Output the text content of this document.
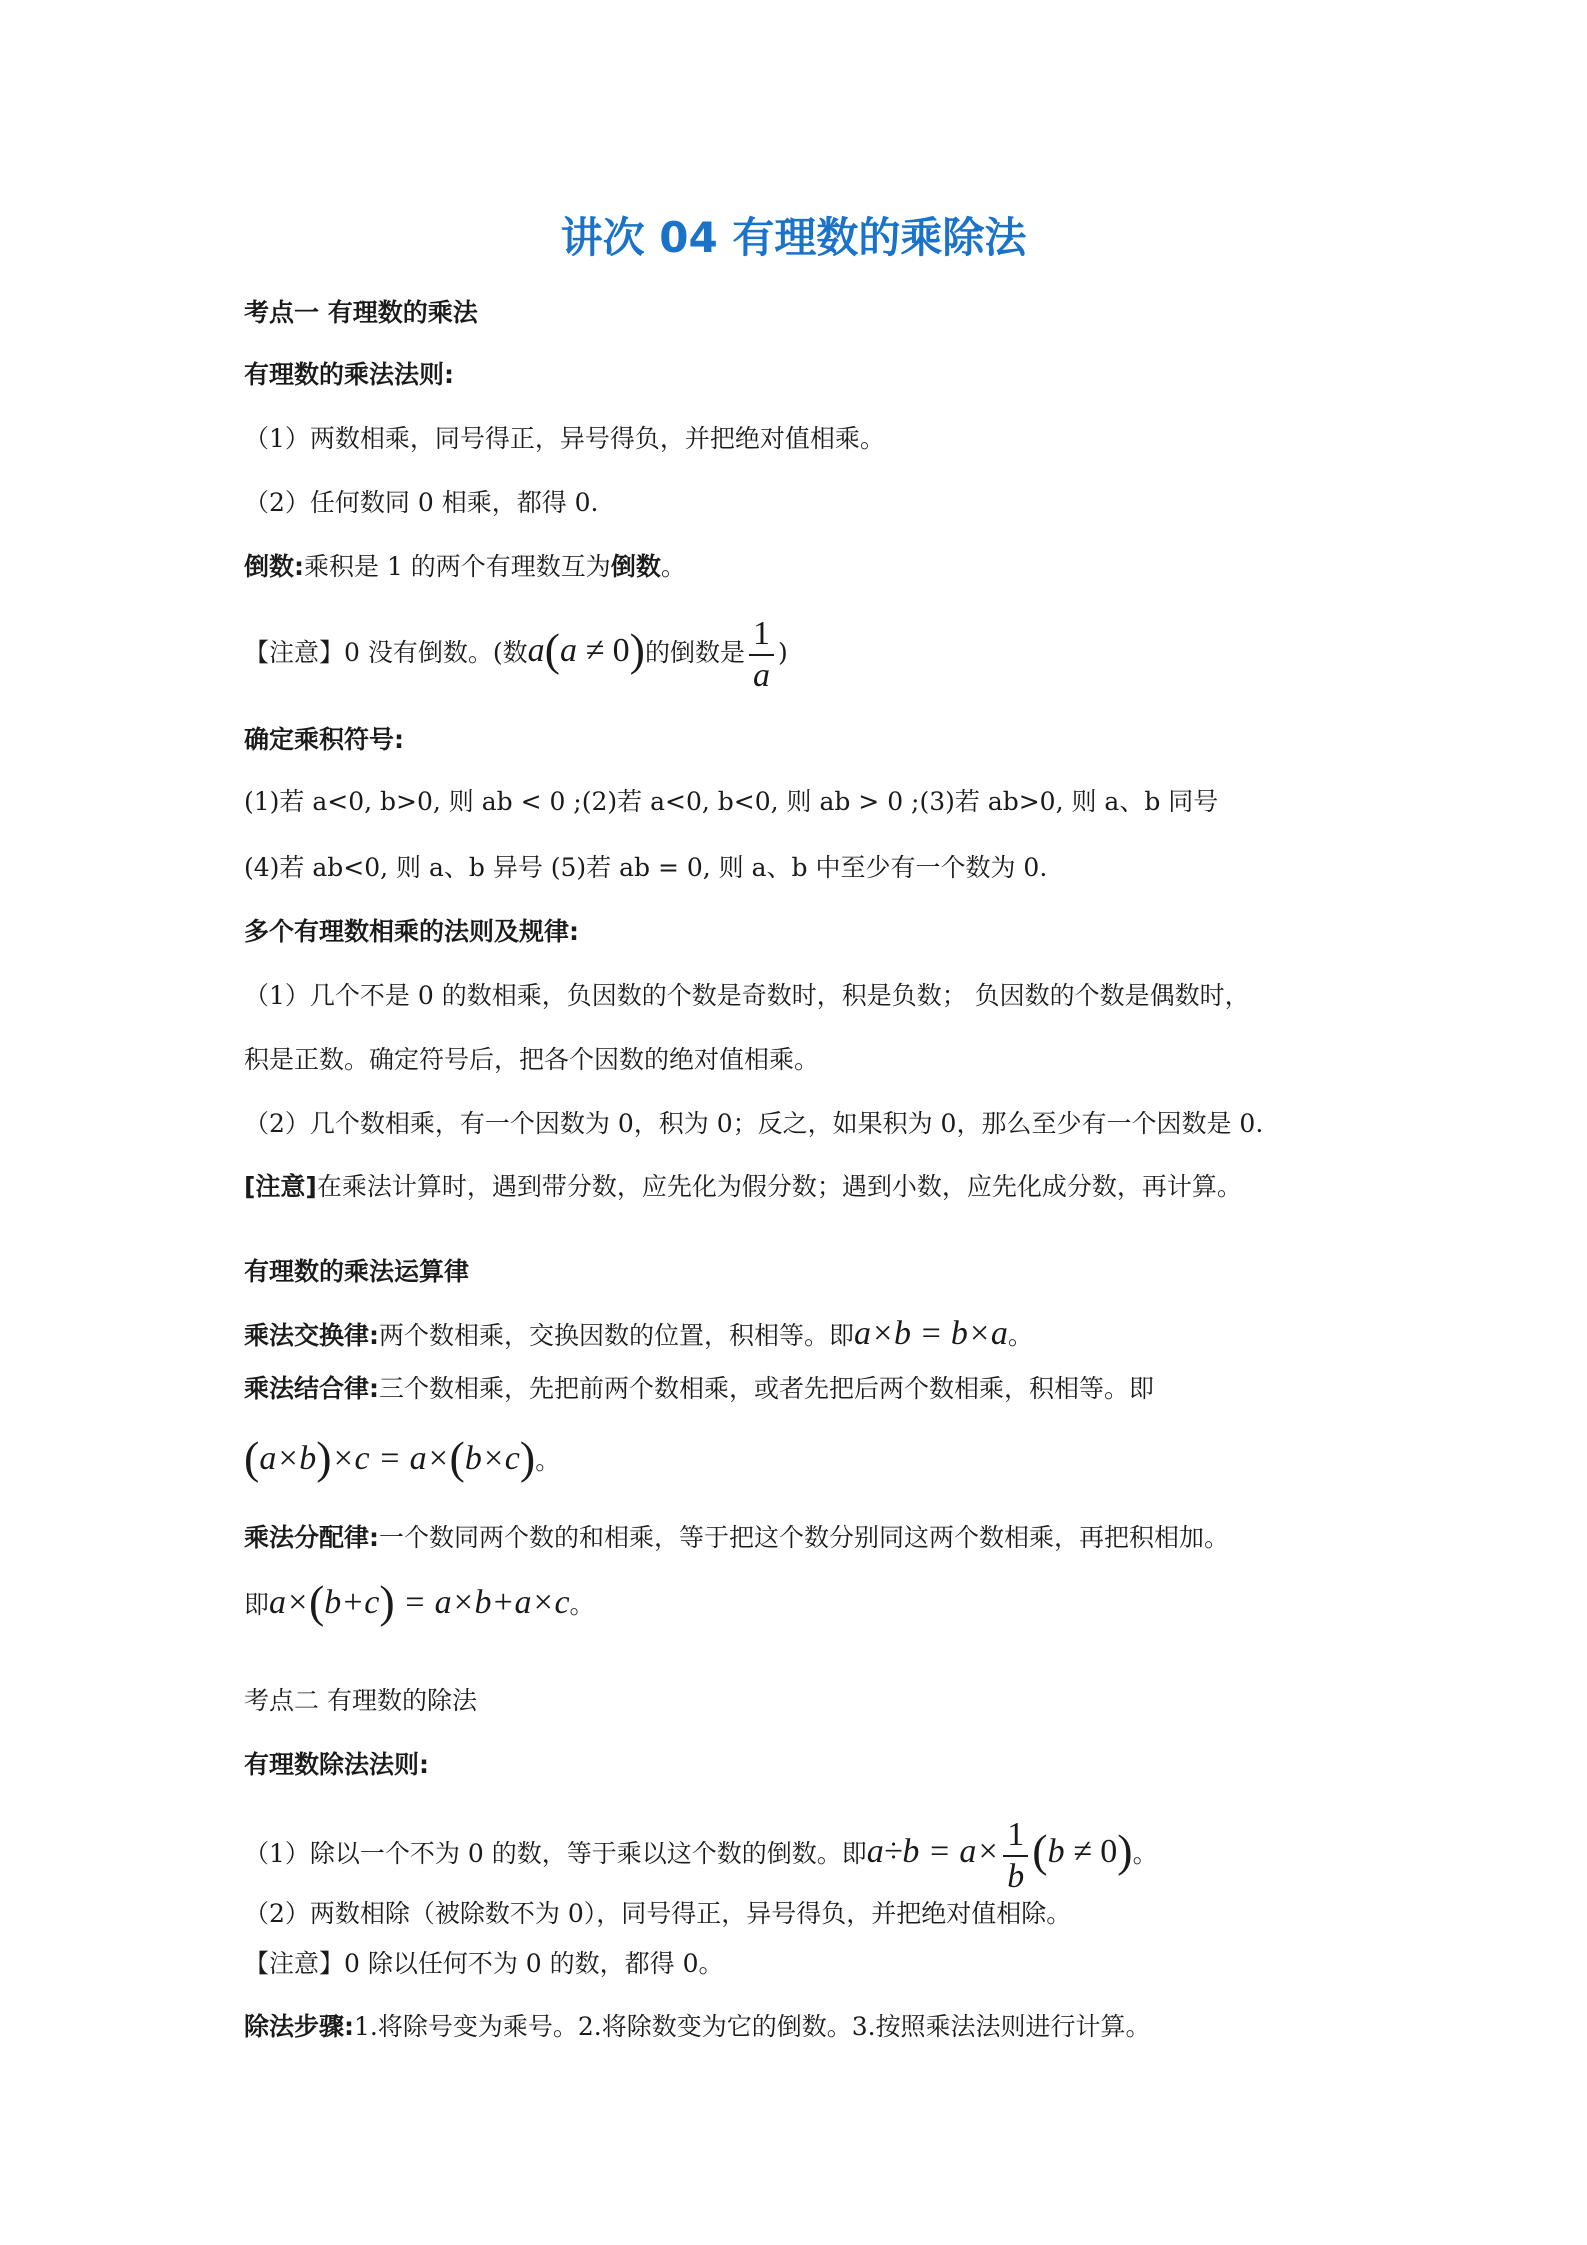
讲次 04 有理数的乘除法
考点一 有理数的乘法
有理数的乘法法则:
（1）两数相乘，同号得正，异号得负，并把绝对值相乘。
（2）任何数同 0 相乘，都得 0.
倒数:乘积是 1 的两个有理数互为倒数。
【注意】0 没有倒数。(数a(a ≠ 0)的倒数是 $\frac{1}{a}$ )
确定乘积符号:
(1)若 a<0, b>0, 则 ab < 0 ;(2)若 a<0, b<0, 则 ab > 0 ;(3)若 ab>0, 则 a、b 同号
(4)若 ab<0, 则 a、b 异号 (5)若 ab = 0, 则 a、b 中至少有一个数为 0.
多个有理数相乘的法则及规律:
（1）几个不是 0 的数相乘，负因数的个数是奇数时，积是负数； 负因数的个数是偶数时，
积是正数。确定符号后，把各个因数的绝对值相乘。
（2）几个数相乘，有一个因数为 0，积为 0；反之，如果积为 0，那么至少有一个因数是 0.
[注意]在乘法计算时，遇到带分数，应先化为假分数；遇到小数，应先化成分数，再计算。
有理数的乘法运算律
乘法交换律:两个数相乘，交换因数的位置，积相等。即a×b = b×a。
乘法结合律:三个数相乘，先把前两个数相乘，或者先把后两个数相乘，积相等。即
(a×b)×c = a×(b×c)。
乘法分配律:一个数同两个数的和相乘，等于把这个数分别同这两个数相乘，再把积相加。
即a×(b+c) = a×b+a×c。
考点二 有理数的除法
有理数除法法则:
（1）除以一个不为 0 的数，等于乘以这个数的倒数。即$a\div b = a\times \frac{1}{b} (b \ne 0)$。
（2）两数相除（被除数不为 0），同号得正，异号得负，并把绝对值相除。
【注意】0 除以任何不为 0 的数，都得 0。
除法步骤:1.将除号变为乘号。2.将除数变为它的倒数。3.按照乘法法则进行计算。
